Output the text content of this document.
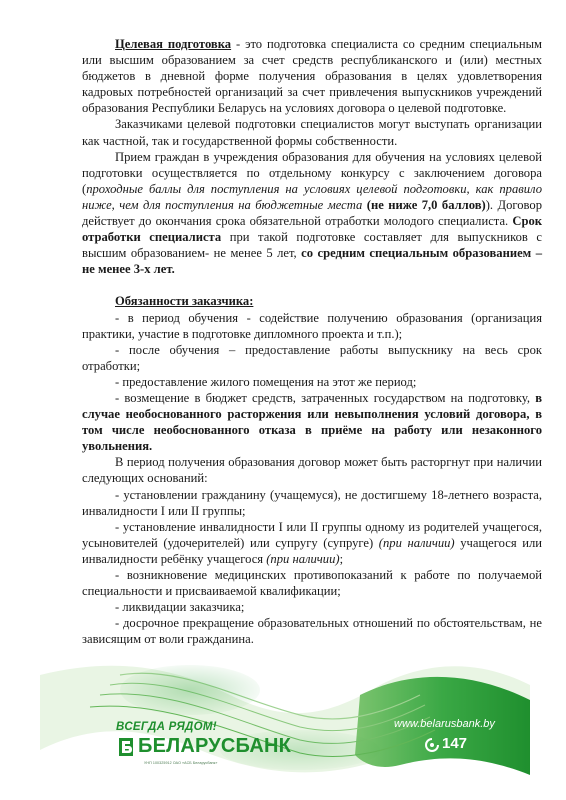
Целевая подготовка - это подготовка специалиста со средним специальным или высшим образованием за счет средств республиканского и (или) местных бюджетов в дневной форме получения образования в целях удовлетворения кадровых потребностей организаций за счет привлечения выпускников учреждений образования Республики Беларусь на условиях договора о целевой подготовке.

Заказчиками целевой подготовки специалистов могут выступать организации как частной, так и государственной формы собственности.

Прием граждан в учреждения образования для обучения на условиях целевой подготовки осуществляется по отдельному конкурсу с заключением договора (проходные баллы для поступления на условиях целевой подготовки, как правило ниже, чем для поступления на бюджетные места (не ниже 7,0 баллов)). Договор действует до окончания срока обязательной отработки молодого специалиста. Срок отработки специалиста при такой подготовке составляет для выпускников с высшим образованием- не менее 5 лет, со средним специальным образованием – не менее 3-х лет.

Обязанности заказчика:

- в период обучения - содействие получению образования (организация практики, участие в подготовке дипломного проекта и т.п.);

- после обучения – предоставление работы выпускнику на весь срок отработки;

- предоставление жилого помещения на этот же период;

- возмещение в бюджет средств, затраченных государством на подготовку, в случае необоснованного расторжения или невыполнения условий договора, в том числе необоснованного отказа в приёме на работу или незаконного увольнения.

В период получения образования договор может быть расторгнут при наличии следующих оснований:

- установлении гражданину (учащемуся), не достигшему 18-летнего возраста, инвалидности I или II группы;

- установление инвалидности I или II группы одному из родителей учащегося, усыновителей (удочерителей) или супругу (супруге) (при наличии) учащегося или инвалидности ребёнку учащегося (при наличии);

- возникновение медицинских противопоказаний к работе по получаемой специальности и присваиваемой квалификации;

- ликвидации заказчика;

- досрочное прекращение образовательных отношений по обстоятельствам, не зависящим от воли гражданина.

ВСЕГДА РЯДОМ!
БЕЛАРУСБАНК
УНП 100325912 ОАО «АСБ Беларусбанк»
www.belarusbank.by
147
